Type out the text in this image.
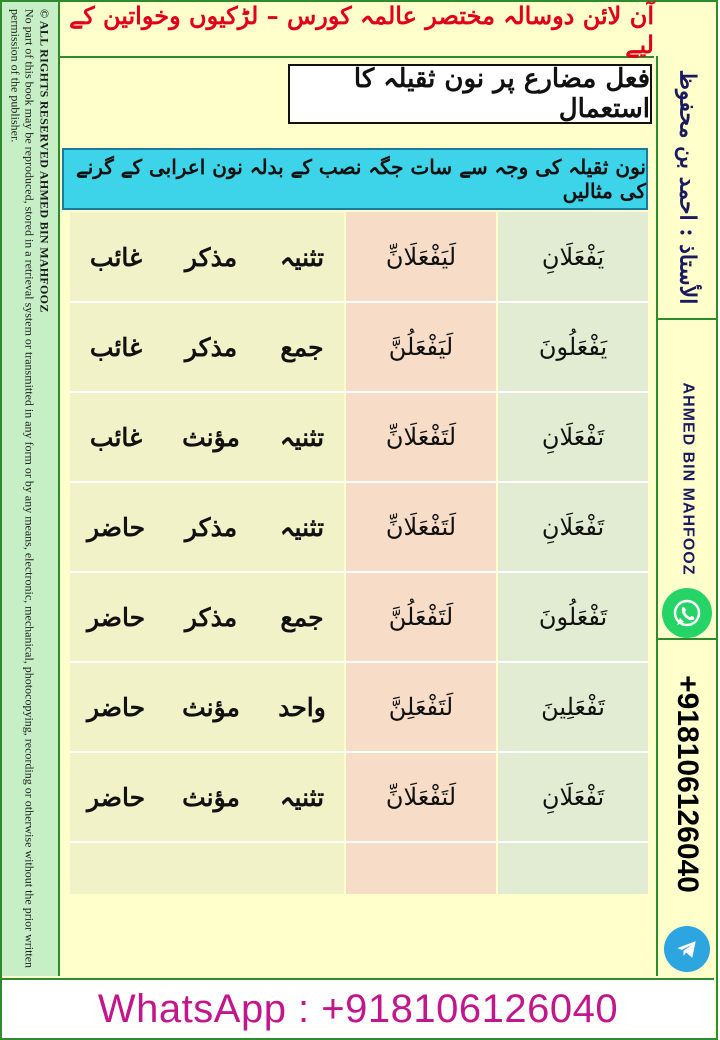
آن لائن دوسالہ مختصر عالمہ کورس – لڑکیوں وخواتین کے لیے
© ALL RIGHTS RESERVED AHMED BIN MAHFOOZ
No part of this book may be reproduced, stored in a retrieval system or transmitted in any form or by any means, electronic, mechanical, photocopying, recording or otherwise without the prior written permission of the publisher.	الأستاذ : احمد بن محفوظ
AHMED BIN MAHFOOZ
+918106126040
فعل مضارع پر نون ثقیلہ کا استعمال
نون ثقیلہ کی وجہ سے سات جگہ نصب کے بدلہ نون اعرابی کے گرنے کی مثالیں
يَفْعَلَانِ
لَيَفْعَلَانِّ
تثنیہ
مذکر
غائب
يَفْعَلُونَ
لَيَفْعَلُنَّ
جمع
مذکر
غائب
تَفْعَلَانِ
لَتَفْعَلَانِّ
تثنیہ
مؤنث
غائب
تَفْعَلَانِ
لَتَفْعَلَانِّ
تثنیہ
مذکر
حاضر
تَفْعَلُونَ
لَتَفْعَلُنَّ
جمع
مذکر
حاضر
تَفْعَلِينَ
لَتَفْعَلِنَّ
واحد
مؤنث
حاضر
تَفْعَلَانِ
لَتَفْعَلَانِّ
تثنیہ
مؤنث
حاضر
WhatsApp : +918106126040
